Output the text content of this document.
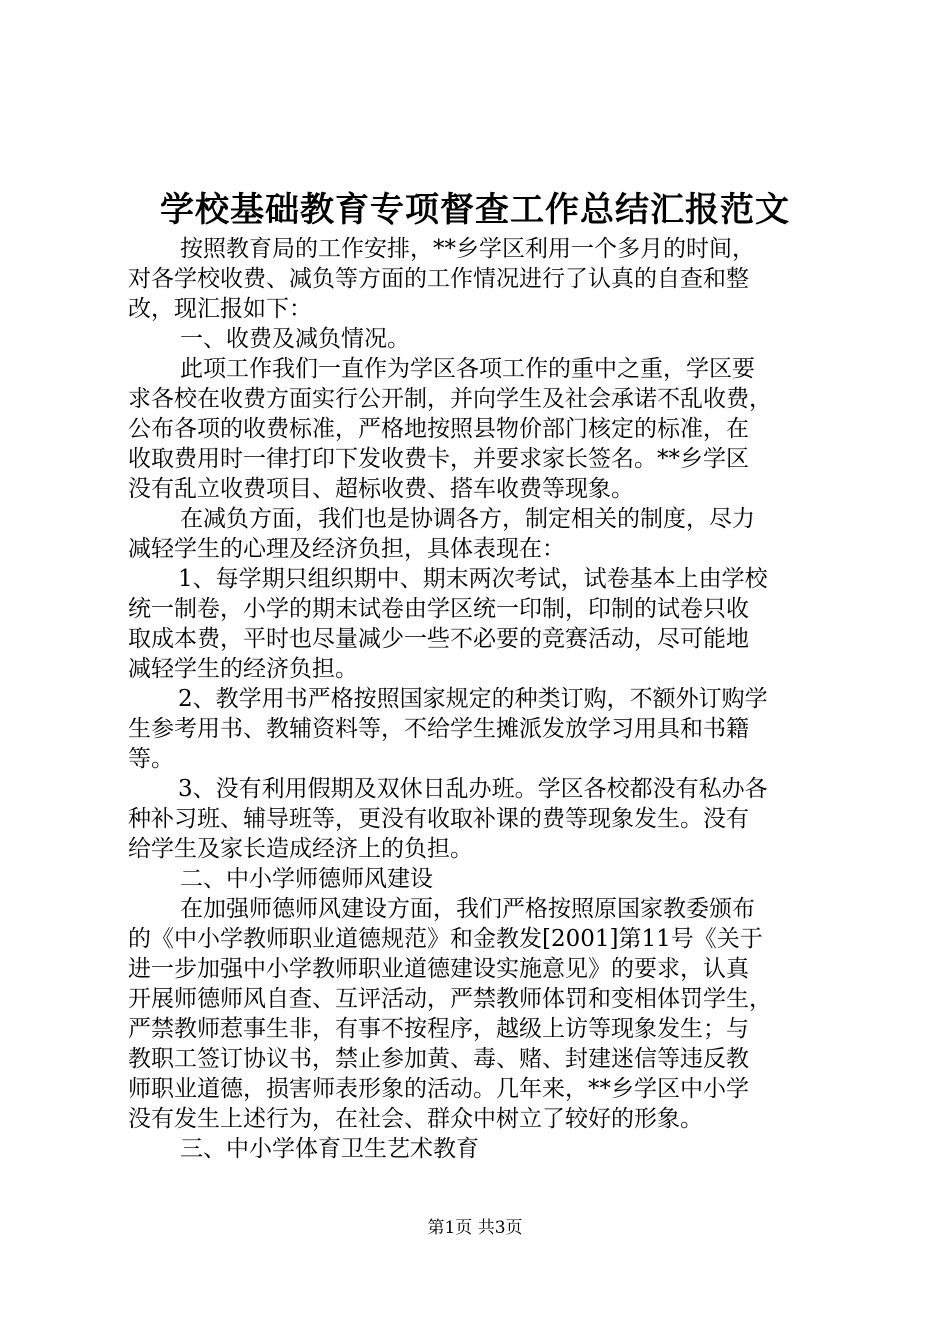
学校基础教育专项督查工作总结汇报范文
按照教育局的工作安排，**乡学区利用一个多月的时间，
对各学校收费、减负等方面的工作情况进行了认真的自查和整
改，现汇报如下：
一、收费及减负情况。
此项工作我们一直作为学区各项工作的重中之重，学区要
求各校在收费方面实行公开制，并向学生及社会承诺不乱收费，
公布各项的收费标准，严格地按照县物价部门核定的标准，在
收取费用时一律打印下发收费卡，并要求家长签名。**乡学区
没有乱立收费项目、超标收费、搭车收费等现象。
在减负方面，我们也是协调各方，制定相关的制度，尽力
减轻学生的心理及经济负担，具体表现在：
1、每学期只组织期中、期末两次考试，试卷基本上由学校
统一制卷，小学的期末试卷由学区统一印制，印制的试卷只收
取成本费，平时也尽量减少一些不必要的竞赛活动，尽可能地
减轻学生的经济负担。
2、教学用书严格按照国家规定的种类订购，不额外订购学
生参考用书、教辅资料等，不给学生摊派发放学习用具和书籍
等。
3、没有利用假期及双休日乱办班。学区各校都没有私办各
种补习班、辅导班等，更没有收取补课的费等现象发生。没有
给学生及家长造成经济上的负担。
二、中小学师德师风建设
在加强师德师风建设方面，我们严格按照原国家教委颁布
的《中小学教师职业道德规范》和金教发[2001]第11号《关于
进一步加强中小学教师职业道德建设实施意见》的要求，认真
开展师德师风自查、互评活动，严禁教师体罚和变相体罚学生，
严禁教师惹事生非，有事不按程序，越级上访等现象发生；与
教职工签订协议书，禁止参加黄、毒、赌、封建迷信等违反教
师职业道德，损害师表形象的活动。几年来，**乡学区中小学
没有发生上述行为，在社会、群众中树立了较好的形象。
三、中小学体育卫生艺术教育
第1页 共3页
